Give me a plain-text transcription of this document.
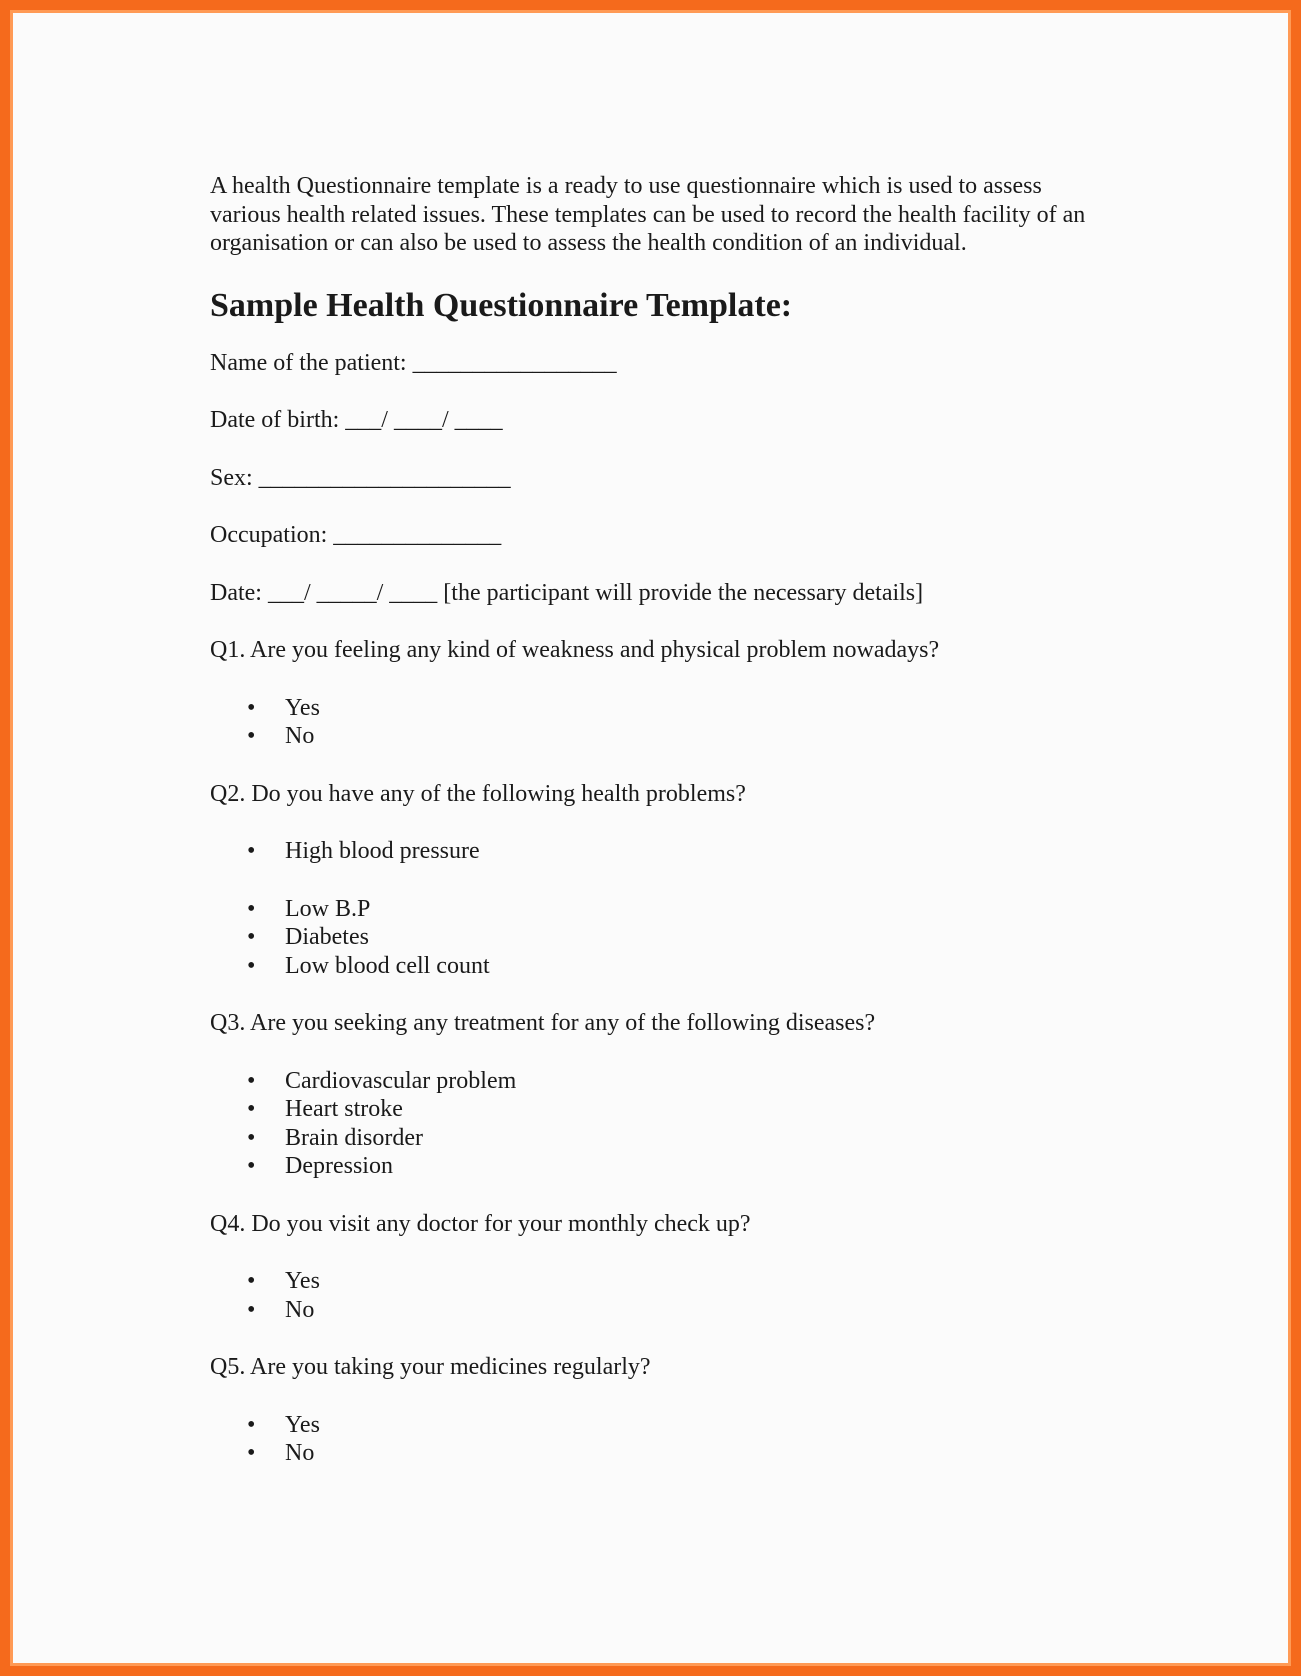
A health Questionnaire template is a ready to use questionnaire which is used to assess various health related issues. These templates can be used to record the health facility of an organisation or can also be used to assess the health condition of an individual.

Sample Health Questionnaire Template:

Name of the patient: _________________

Date of birth: ___/ ____/ ____

Sex: _____________________

Occupation: ______________

Date: ___/ _____/ ____ [the participant will provide the necessary details]

Q1. Are you feeling any kind of weakness and physical problem nowadays?

• Yes
• No

Q2. Do you have any of the following health problems?

• High blood pressure
• Low B.P
• Diabetes
• Low blood cell count

Q3. Are you seeking any treatment for any of the following diseases?

• Cardiovascular problem
• Heart stroke
• Brain disorder
• Depression

Q4. Do you visit any doctor for your monthly check up?

• Yes
• No

Q5. Are you taking your medicines regularly?

• Yes
• No
